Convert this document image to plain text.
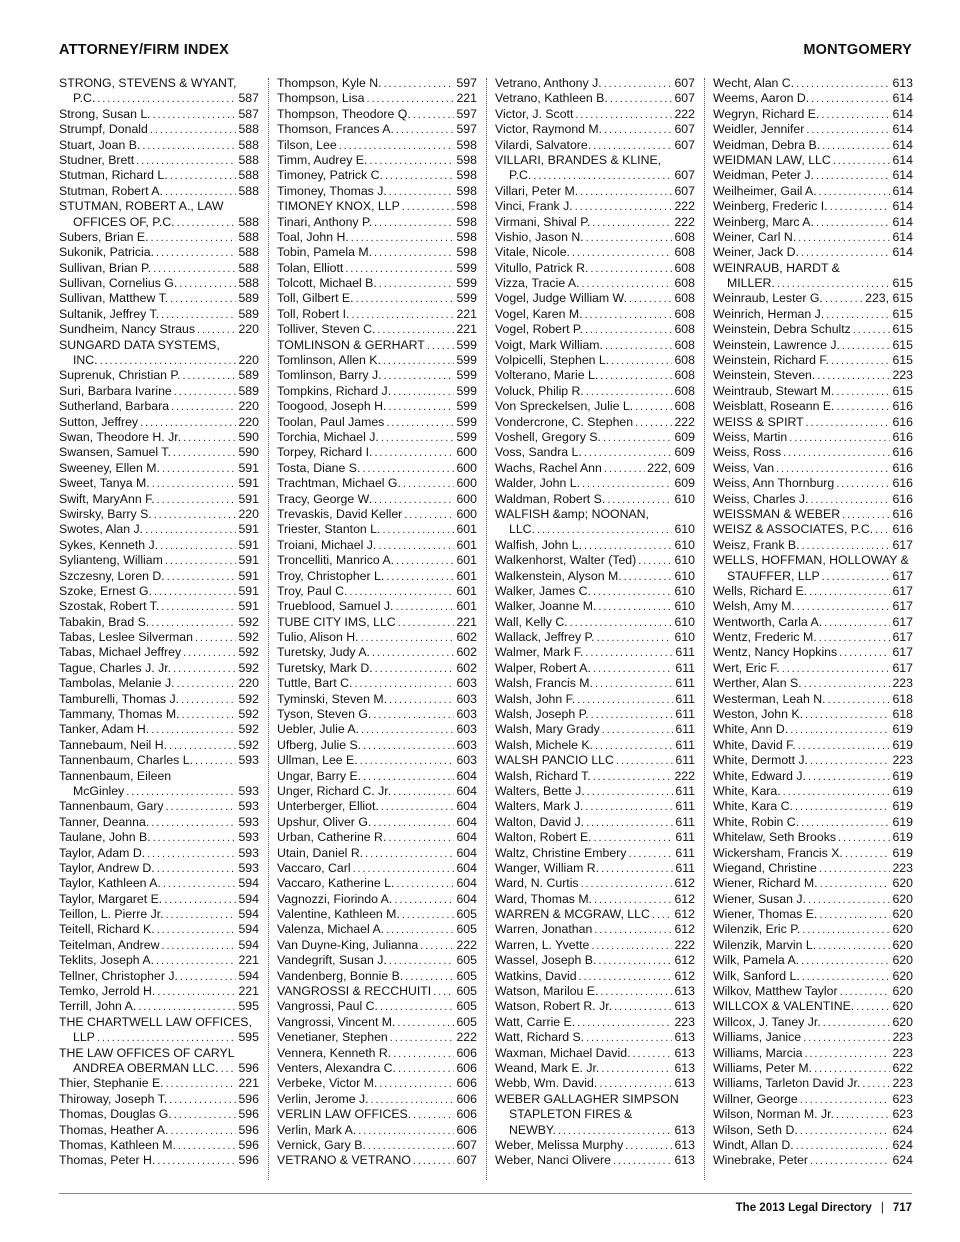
ATTORNEY/FIRM INDEX	MONTGOMERY
STRONG, STEVENS & WYANT,
P.C. .....	587
Strong, Susan L. .....	587
Strumpf, Donald .....	588
Stuart, Joan B. .....	588
Studner, Brett .....	588
Stutman, Richard L. .....	588
Stutman, Robert A. .....	588
STUTMAN, ROBERT A., LAW
OFFICES OF, P.C. .....	588
Subers, Brian E. .....	588
Sukonik, Patricia. .....	588
Sullivan, Brian P. .....	588
Sullivan, Cornelius G. .....	588
Sullivan, Matthew T. .....	589
Sultanik, Jeffrey T. .....	589
Sundheim, Nancy Straus .....	220
SUNGARD DATA SYSTEMS,
INC. .....	220
Suprenuk, Christian P. .....	589
Suri, Barbara Ivarine .....	589
Sutherland, Barbara .....	220
Sutton, Jeffrey .....	220
Swan, Theodore H. Jr. .....	590
Swansen, Samuel T. .....	590
Sweeney, Ellen M. .....	591
Sweet, Tanya M. .....	591
Swift, MaryAnn F. .....	591
Swirsky, Barry S. .....	220
Swotes, Alan J. .....	591
Sykes, Kenneth J. .....	591
Sylianteng, William .....	591
Szczesny, Loren D. .....	591
Szoke, Ernest G. .....	591
Szostak, Robert T. .....	591
Tabakin, Brad S. .....	592
Tabas, Leslee Silverman .....	592
Tabas, Michael Jeffrey .....	592
Tague, Charles J. Jr. .....	592
Tambolas, Melanie J. .....	220
Tamburelli, Thomas J. .....	592
Tammany, Thomas M. .....	592
Tanker, Adam H. .....	592
Tannebaum, Neil H. .....	592
Tannenbaum, Charles L. .....	593
Tannenbaum, Eileen
McGinley .....	593
Tannenbaum, Gary .....	593
Tanner, Deanna. .....	593
Taulane, John B. .....	593
Taylor, Adam D. .....	593
Taylor, Andrew D. .....	593
Taylor, Kathleen A. .....	594
Taylor, Margaret E. .....	594
Teillon, L. Pierre Jr. .....	594
Teitell, Richard K. .....	594
Teitelman, Andrew .....	594
Teklits, Joseph A. .....	221
Tellner, Christopher J. .....	594
Temko, Jerrold H. .....	221
Terrill, John A. .....	595
THE CHARTWELL LAW OFFICES,
LLP .....	595
THE LAW OFFICES OF CARYL
ANDREA OBERMAN LLC. ..... 596
Thier, Stephanie E. .....	221
Thiroway, Joseph T. .....	596
Thomas, Douglas G. .....	596
Thomas, Heather A. .....	596
Thomas, Kathleen M. .....	596
Thomas, Peter H. .....	596
Thompson, Kyle N. .....	597
Thompson, Lisa .....	221
Thompson, Theodore Q. .....	597
Thomson, Frances A. .....	597
Tilson, Lee .....	598
Timm, Audrey E. .....	598
Timoney, Patrick C. .....	598
Timoney, Thomas J. .....	598
TIMONEY KNOX, LLP .....	598
Tinari, Anthony P. .....	598
Toal, John H. .....	598
Tobin, Pamela M. .....	598
Tolan, Elliott .....	599
Tolcott, Michael B. .....	599
Toll, Gilbert E. .....	599
Toll, Robert I. .....	221
Tolliver, Steven C. .....	221
TOMLINSON & GERHART .....	599
Tomlinson, Allen K. .....	599
Tomlinson, Barry J. .....	599
Tompkins, Richard J. .....	599
Toogood, Joseph H. .....	599
Toolan, Paul James .....	599
Torchia, Michael J. .....	599
Torpey, Richard I. .....	600
Tosta, Diane S. .....	600
Trachtman, Michael G. .....	600
Tracy, George W. .....	600
Trevaskis, David Keller .....	600
Triester, Stanton L. .....	601
Troiani, Michael J. .....	601
Troncelliti, Manrico A. .....	601
Troy, Christopher L. .....	601
Troy, Paul C. .....	601
Trueblood, Samuel J. .....	601
TUBE CITY IMS, LLC .....	221
Tulio, Alison H. .....	602
Turetsky, Judy A. .....	602
Turetsky, Mark D. .....	602
Tuttle, Bart C. .....	603
Tyminski, Steven M. .....	603
Tyson, Steven G. .....	603
Uebler, Julie A. .....	603
Ufberg, Julie S. .....	603
Ullman, Lee E. .....	603
Ungar, Barry E. .....	604
Unger, Richard C. Jr. .....	604
Unterberger, Elliot. .....	604
Upshur, Oliver G. .....	604
Urban, Catherine R. .....	604
Utain, Daniel R. .....	604
Vaccaro, Carl .....	604
Vaccaro, Katherine L. .....	604
Vagnozzi, Fiorindo A. .....	604
Valentine, Kathleen M. .....	605
Valenza, Michael A. .....	605
Van Duyne-King, Julianna .....	222
Vandegrift, Susan J. .....	605
Vandenberg, Bonnie B. .....	605
VANGROSSI & RECCHUITI ..... 605
Vangrossi, Paul C. .....	605
Vangrossi, Vincent M. .....	605
Venetianer, Stephen .....	222
Vennera, Kenneth R. .....	606
Venters, Alexandra C. .....	606
Verbeke, Victor M. .....	606
Verlin, Jerome J. .....	606
VERLIN LAW OFFICES. .....	606
Verlin, Mark A. .....	606
Vernick, Gary B. .....	607
VETRANO & VETRANO .....	607
Vetrano, Anthony J. .....	607
Vetrano, Kathleen B. .....	607
Victor, J. Scott .....	222
Victor, Raymond M. .....	607
Vilardi, Salvatore. .....	607
VILLARI, BRANDES & KLINE,
P.C. .....	607
Villari, Peter M. .....	607
Vinci, Frank J. .....	222
Virmani, Shival P. .....	222
Vishio, Jason N. .....	608
Vitale, Nicole. .....	608
Vitullo, Patrick R. .....	608
Vizza, Tracie A. .....	608
Vogel, Judge William W. .....	608
Vogel, Karen M. .....	608
Vogel, Robert P. .....	608
Voigt, Mark William. .....	608
Volpicelli, Stephen L. .....	608
Volterano, Marie L. .....	608
Voluck, Philip R. .....	608
Von Spreckelsen, Julie L. .....	608
Vondercrone, C. Stephen .....	222
Voshell, Gregory S. .....	609
Voss, Sandra L. .....	609
Wachs, Rachel Ann .....	222, 609
Walder, John L. .....	609
Waldman, Robert S. .....	610
WALFISH &amp; NOONAN,
LLC. .....	610
Walfish, John L. .....	610
Walkenhorst, Walter (Ted) .....	610
Walkenstein, Alyson M. .....	610
Walker, James C. .....	610
Walker, Joanne M. .....	610
Wall, Kelly C. .....	610
Wallack, Jeffrey P. .....	610
Walmer, Mark F. .....	611
Walper, Robert A. .....	611
Walsh, Francis M. .....	611
Walsh, John F. .....	611
Walsh, Joseph P. .....	611
Walsh, Mary Grady .....	611
Walsh, Michele K. .....	611
WALSH PANCIO LLC .....	611
Walsh, Richard T. .....	222
Walters, Bette J. .....	611
Walters, Mark J. .....	611
Walton, David J. .....	611
Walton, Robert E. .....	611
Waltz, Christine Embery .....	611
Wanger, William R. .....	611
Ward, N. Curtis .....	612
Ward, Thomas M. .....	612
WARREN & MCGRAW, LLC ..... 612
Warren, Jonathan .....	612
Warren, L. Yvette .....	222
Wassel, Joseph B. .....	612
Watkins, David .....	612
Watson, Marilou E. .....	613
Watson, Robert R. Jr. .....	613
Watt, Carrie E. .....	223
Watt, Richard S. .....	613
Waxman, Michael David. .....	613
Weand, Mark E. Jr. .....	613
Webb, Wm. David. .....	613
WEBER GALLAGHER SIMPSON
STAPLETON FIRES &
NEWBY. .....	613
Weber, Melissa Murphy .....	613
Weber, Nanci Olivere .....	613
Wecht, Alan C. .....	613
Weems, Aaron D. .....	614
Wegryn, Richard E. .....	614
Weidler, Jennifer .....	614
Weidman, Debra B. .....	614
WEIDMAN LAW, LLC .....	614
Weidman, Peter J. .....	614
Weilheimer, Gail A. .....	614
Weinberg, Frederic I. .....	614
Weinberg, Marc A. .....	614
Weiner, Carl N. .....	614
Weiner, Jack D. .....	614
WEINRAUB, HARDT &
MILLER. .....	615
Weinraub, Lester G. .....	223, 615
Weinrich, Herman J. .....	615
Weinstein, Debra Schultz .....	615
Weinstein, Lawrence J. .....	615
Weinstein, Richard F. .....	615
Weinstein, Steven. .....	223
Weintraub, Stewart M. .....	615
Weisblatt, Roseann E. .....	616
WEISS & SPIRT .....	616
Weiss, Martin .....	616
Weiss, Ross .....	616
Weiss, Van .....	616
Weiss, Ann Thornburg .....	616
Weiss, Charles J. .....	616
WEISSMAN & WEBER .....	616
WEISZ & ASSOCIATES, P.C. ..... 616
Weisz, Frank B. .....	617
WELLS, HOFFMAN, HOLLOWAY &
STAUFFER, LLP .....	617
Wells, Richard E. .....	617
Welsh, Amy M. .....	617
Wentworth, Carla A. .....	617
Wentz, Frederic M. .....	617
Wentz, Nancy Hopkins .....	617
Wert, Eric F. .....	617
Werther, Alan S. .....	223
Westerman, Leah N. .....	618
Weston, John K. .....	618
White, Ann D. .....	619
White, David F. .....	619
White, Dermott J. .....	223
White, Edward J. .....	619
White, Kara. .....	619
White, Kara C. .....	619
White, Robin C. .....	619
Whitelaw, Seth Brooks .....	619
Wickersham, Francis X. .....	619
Wiegand, Christine .....	223
Wiener, Richard M. .....	620
Wiener, Susan J. .....	620
Wiener, Thomas E. .....	620
Wilenzik, Eric P. .....	620
Wilenzik, Marvin L. .....	620
Wilk, Pamela A. .....	620
Wilk, Sanford L. .....	620
Wilkov, Matthew Taylor .....	620
WILLCOX & VALENTINE. .....	620
Willcox, J. Taney Jr. .....	620
Williams, Janice .....	223
Williams, Marcia .....	223
Williams, Peter M. .....	622
Williams, Tarleton David Jr. .....	223
Willner, George .....	623
Wilson, Norman M. Jr. .....	623
Wilson, Seth D. .....	624
Windt, Allan D. .....	624
Winebrake, Peter .....	624
The 2013 Legal Directory | 717
